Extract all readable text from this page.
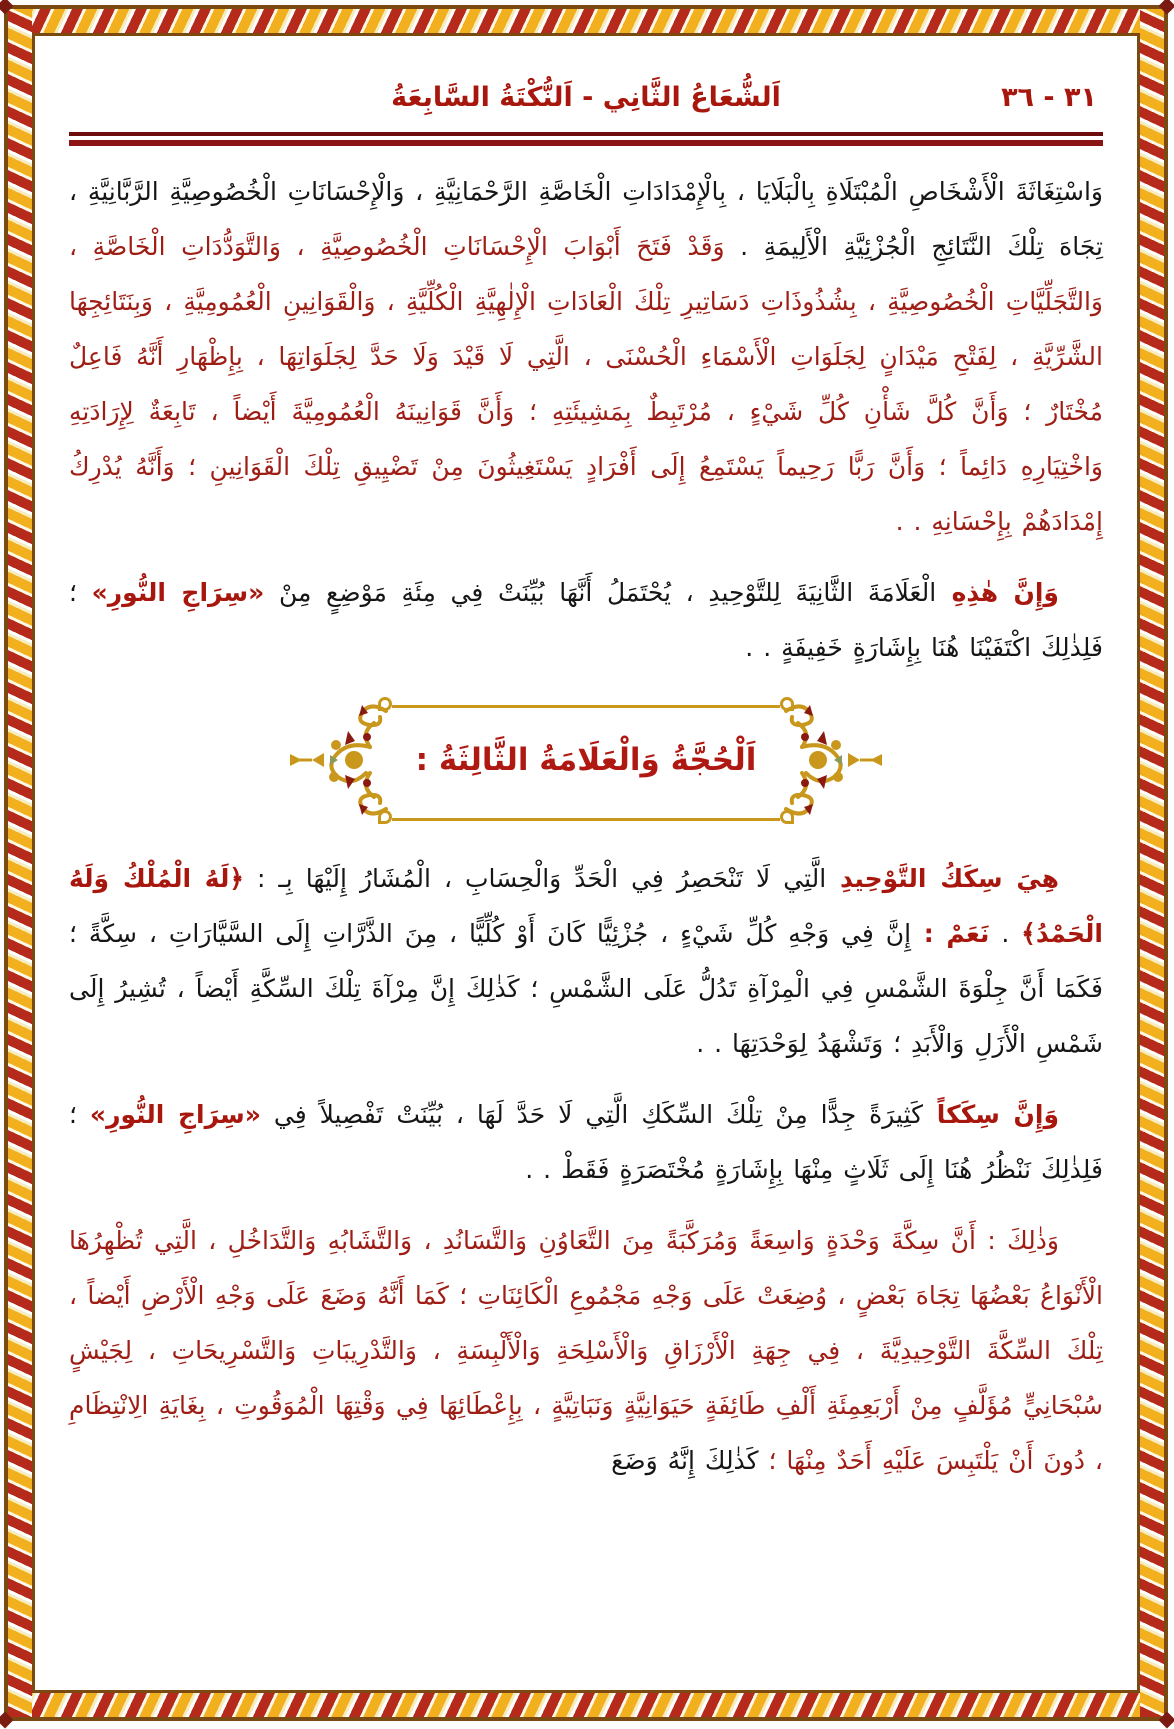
٣٦ - ٣١
اَلشُّعَاعُ الثَّانِي - اَلنُّكْتَةُ السَّابِعَةُ

وَاسْتِغَاثَةَ الْأَشْخَاصِ الْمُبْتَلَاةِ بِالْبَلَايَا ، بِالْإِمْدَادَاتِ الْخَاصَّةِ الرَّحْمَانِيَّةِ ، وَالْإِحْسَانَاتِ الْخُصُوصِيَّةِ الرَّبَّانِيَّةِ ، تِجَاهَ تِلْكَ النَّتَائِجِ الْجُزْئِيَّةِ الْأَلِيمَةِ . وَقَدْ فَتَحَ أَبْوَابَ الْإِحْسَانَاتِ الْخُصُوصِيَّةِ ، وَالتَّوَدُّدَاتِ الْخَاصَّةِ ، وَالتَّجَلِّيَّاتِ الْخُصُوصِيَّةِ ، بِشُذُوذَاتِ دَسَاتِيرِ تِلْكَ الْعَادَاتِ الْإِلٰهِيَّةِ الْكُلِّيَّةِ ، وَالْقَوَانِينِ الْعُمُومِيَّةِ ، وَبِنَتَائِجِهَا الشَّرِّيَّةِ ، لِفَتْحِ مَيْدَانٍ لِجَلَوَاتِ الْأَسْمَاءِ الْحُسْنَى ، الَّتِي لَا قَيْدَ وَلَا حَدَّ لِجَلَوَاتِهَا ، بِإِظْهَارِ أَنَّهُ فَاعِلٌ مُخْتَارٌ ؛ وَأَنَّ كُلَّ شَأْنِ كُلِّ شَيْءٍ ، مُرْتَبِطٌ بِمَشِيئَتِهِ ؛ وَأَنَّ قَوَانِينَهُ الْعُمُومِيَّةَ أَيْضاً ، تَابِعَةٌ لِإِرَادَتِهِ وَاخْتِيَارِهِ دَائِماً ؛ وَأَنَّ رَبًّا رَحِيماً يَسْتَمِعُ إِلَى أَفْرَادٍ يَسْتَغِيثُونَ مِنْ تَضْيِيقِ تِلْكَ الْقَوَانِينِ ؛ وَأَنَّهُ يُدْرِكُ إِمْدَادَهُمْ بِإِحْسَانِهِ . .

وَإِنَّ هٰذِهِ الْعَلَامَةَ الثَّانِيَةَ لِلتَّوْحِيدِ ، يُحْتَمَلُ أَنَّهَا بُيِّنَتْ فِي مِئَةِ مَوْضِعٍ مِنْ «سِرَاجِ النُّورِ» ؛ فَلِذٰلِكَ اكْتَفَيْنَا هُنَا بِإِشَارَةٍ خَفِيفَةٍ . .

اَلْحُجَّةُ وَالْعَلَامَةُ الثَّالِثَةُ :

هِيَ سِكَكُ التَّوْحِيدِ الَّتِي لَا تَنْحَصِرُ فِي الْحَدِّ وَالْحِسَابِ ، الْمُشَارُ إِلَيْهَا بِـ : ﴿لَهُ الْمُلْكُ وَلَهُ الْحَمْدُ﴾ . نَعَمْ : إِنَّ فِي وَجْهِ كُلِّ شَيْءٍ ، جُزْئِيًّا كَانَ أَوْ كُلِّيًّا ، مِنَ الذَّرَّاتِ إِلَى السَّيَّارَاتِ ، سِكَّةً ؛ فَكَمَا أَنَّ جِلْوَةَ الشَّمْسِ فِي الْمِرْآةِ تَدُلُّ عَلَى الشَّمْسِ ؛ كَذٰلِكَ إِنَّ مِرْآةَ تِلْكَ السِّكَّةِ أَيْضاً ، تُشِيرُ إِلَى شَمْسِ الْأَزَلِ وَالْأَبَدِ ؛ وَتَشْهَدُ لِوَحْدَتِهَا . .

وَإِنَّ سِكَكاً كَثِيرَةً جِدًّا مِنْ تِلْكَ السِّكَكِ الَّتِي لَا حَدَّ لَهَا ، بُيِّنَتْ تَفْصِيلاً فِي «سِرَاجِ النُّورِ» ؛ فَلِذٰلِكَ نَنْظُرُ هُنَا إِلَى ثَلَاثٍ مِنْهَا بِإِشَارَةٍ مُخْتَصَرَةٍ فَقَطْ . .

وَذٰلِكَ : أَنَّ سِكَّةَ وَحْدَةٍ وَاسِعَةً وَمُرَكَّبَةً مِنَ التَّعَاوُنِ وَالتَّسَانُدِ ، وَالتَّشَابُهِ وَالتَّدَاخُلِ ، الَّتِي تُظْهِرُهَا الْأَنْوَاعُ بَعْضُهَا تِجَاهَ بَعْضٍ ، وُضِعَتْ عَلَى وَجْهِ مَجْمُوعِ الْكَائِنَاتِ ؛ كَمَا أَنَّهُ وَضَعَ عَلَى وَجْهِ الْأَرْضِ أَيْضاً ، تِلْكَ السِّكَّةَ التَّوْحِيدِيَّةَ ، فِي جِهَةِ الْأَرْزَاقِ وَالْأَسْلِحَةِ وَالْأَلْبِسَةِ ، وَالتَّدْرِيبَاتِ وَالتَّسْرِيحَاتِ ، لِجَيْشٍ سُبْحَانِيٍّ مُؤَلَّفٍ مِنْ أَرْبَعِمِئَةِ أَلْفِ طَائِفَةٍ حَيَوَانِيَّةٍ وَنَبَاتِيَّةٍ ، بِإِعْطَائِهَا فِي وَقْتِهَا الْمُوَقُوتِ ، بِغَايَةِ الِانْتِظَامِ ، دُونَ أَنْ يَلْتَبِسَ عَلَيْهِ أَحَدٌ مِنْهَا ؛ كَذٰلِكَ إِنَّهُ وَضَعَ
